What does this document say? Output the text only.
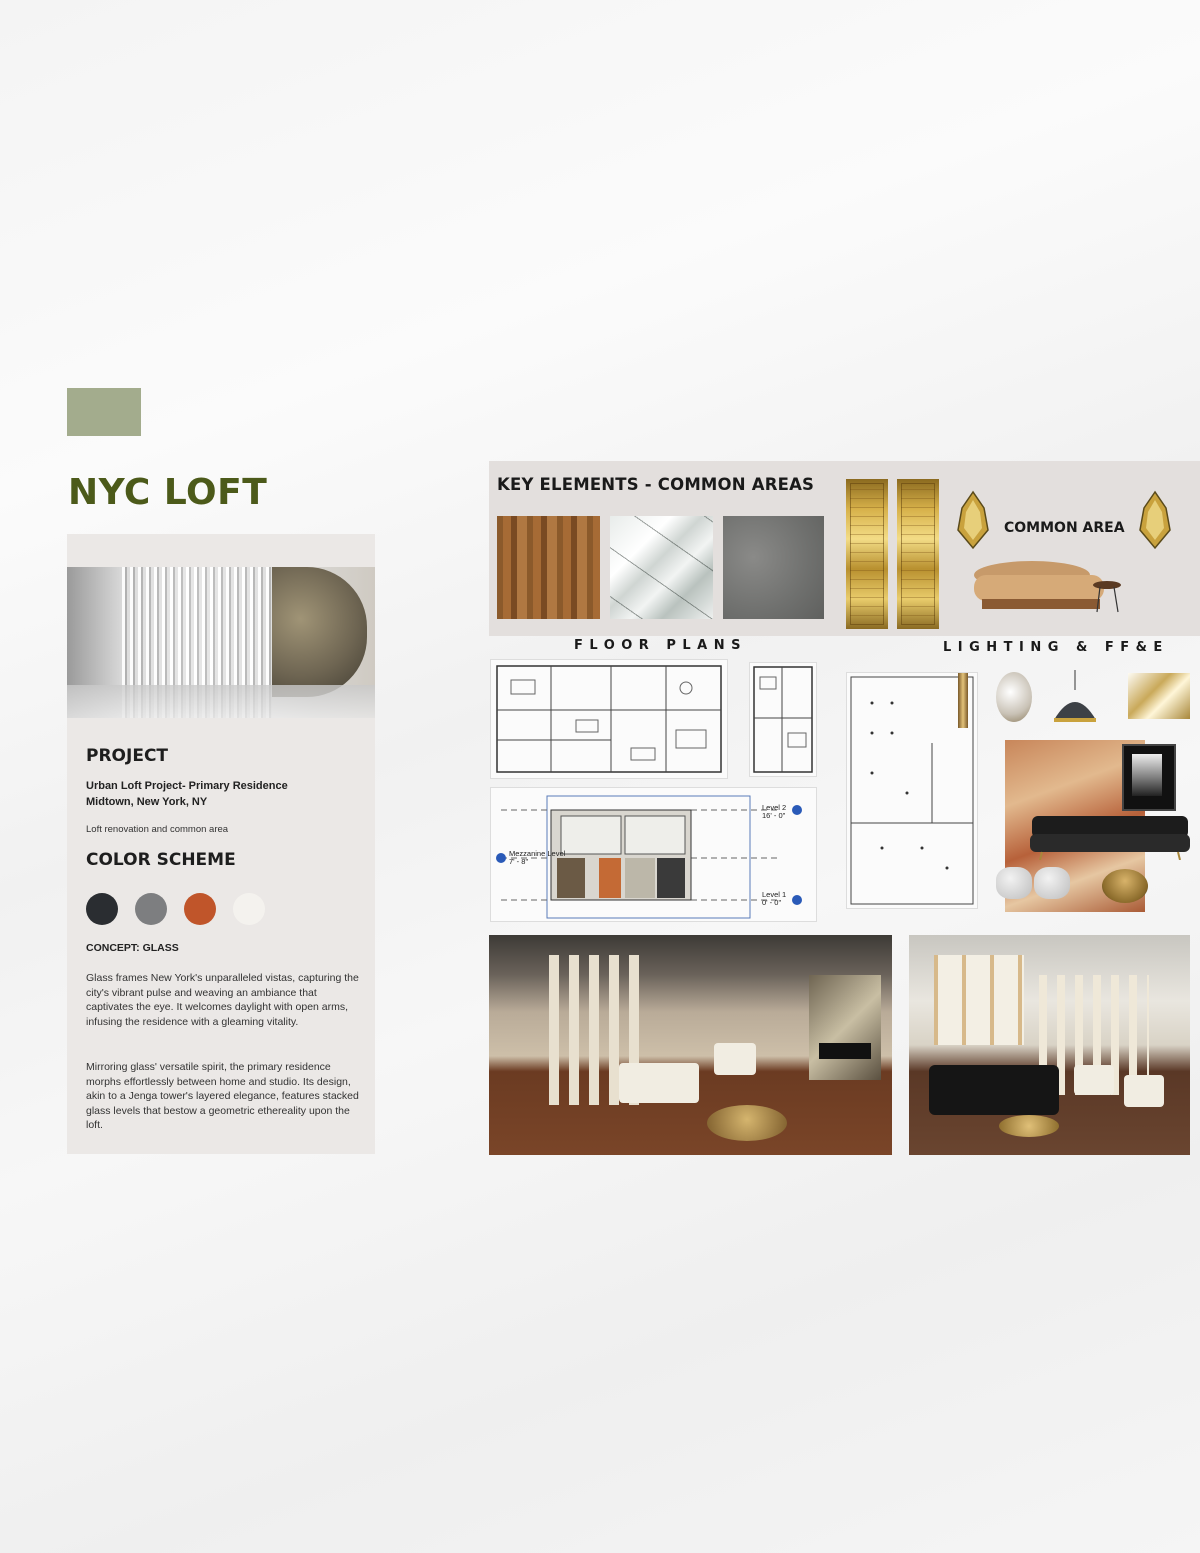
NYC LOFT
PROJECT
Urban Loft Project- Primary Residence
Midtown, New York, NY
Loft renovation and common area
COLOR SCHEME
CONCEPT: GLASS
Glass frames New York's unparalleled vistas, capturing the city's vibrant pulse and weaving an ambiance that captivates the eye. It welcomes daylight with open arms, infusing the residence with a gleaming vitality.
Mirroring glass' versatile spirit, the primary residence morphs effortlessly between home and studio. Its design, akin to a Jenga tower's layered elegance, features stacked glass levels that bestow a geometric ethereality upon the loft.
KEY ELEMENTS - COMMON AREAS
COMMON AREA
FLOOR PLANS
Level 2
16' - 0"
Mezzanine Level
7' - 8"
Level 1
0' - 0"
LIGHTING & FF&E
